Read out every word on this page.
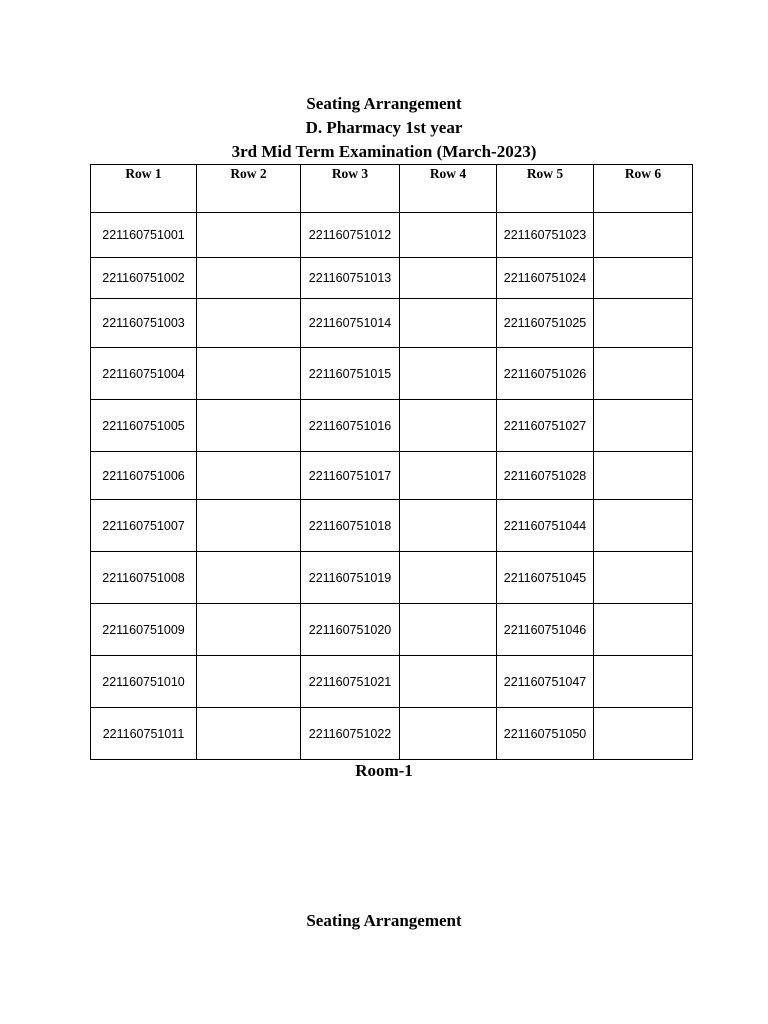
Seating Arrangement
D. Pharmacy 1st year
3rd Mid Term Examination (March-2023)
Row 1	Row 2	Row 3	Row 4	Row 5	Row 6
221160751001		221160751012		221160751023	
221160751002		221160751013		221160751024	
221160751003		221160751014		221160751025	
221160751004		221160751015		221160751026	
221160751005		221160751016		221160751027	
221160751006		221160751017		221160751028	
221160751007		221160751018		221160751044	
221160751008		221160751019		221160751045	
221160751009		221160751020		221160751046	
221160751010		221160751021		221160751047	
221160751011		221160751022		221160751050	
Room-1
Seating Arrangement
